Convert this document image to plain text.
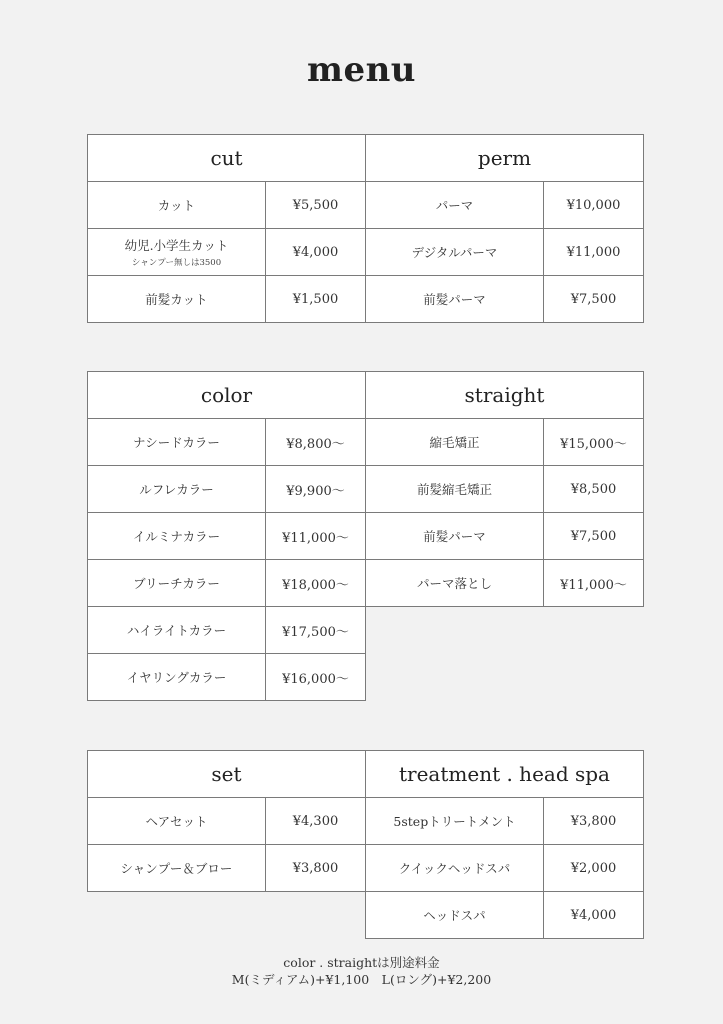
menu
cut		perm	
カット	¥5,500	パーマ	¥10,000
幼児.小学生カット
シャンプー無しは3500	¥4,000	デジタルパーマ	¥11,000
前髪カット	¥1,500	前髪パーマ	¥7,500
color		straight	
ナシードカラー	¥8,800～	縮毛矯正	¥15,000～
ルフレカラー	¥9,900～	前髪縮毛矯正	¥8,500
イルミナカラー	¥11,000～	前髪パーマ	¥7,500
ブリーチカラー	¥18,000～	パーマ落とし	¥11,000～
ハイライトカラー	¥17,500～		
イヤリングカラー	¥16,000～		
set		treatment . head spa	
ヘアセット	¥4,300	5stepトリートメント	¥3,800
シャンプー＆ブロー	¥3,800	クイックヘッドスパ	¥2,000
		ヘッドスパ	¥4,000
color . straightは別途料金
M(ミディアム)+¥1,100　L(ロング)+¥2,200
